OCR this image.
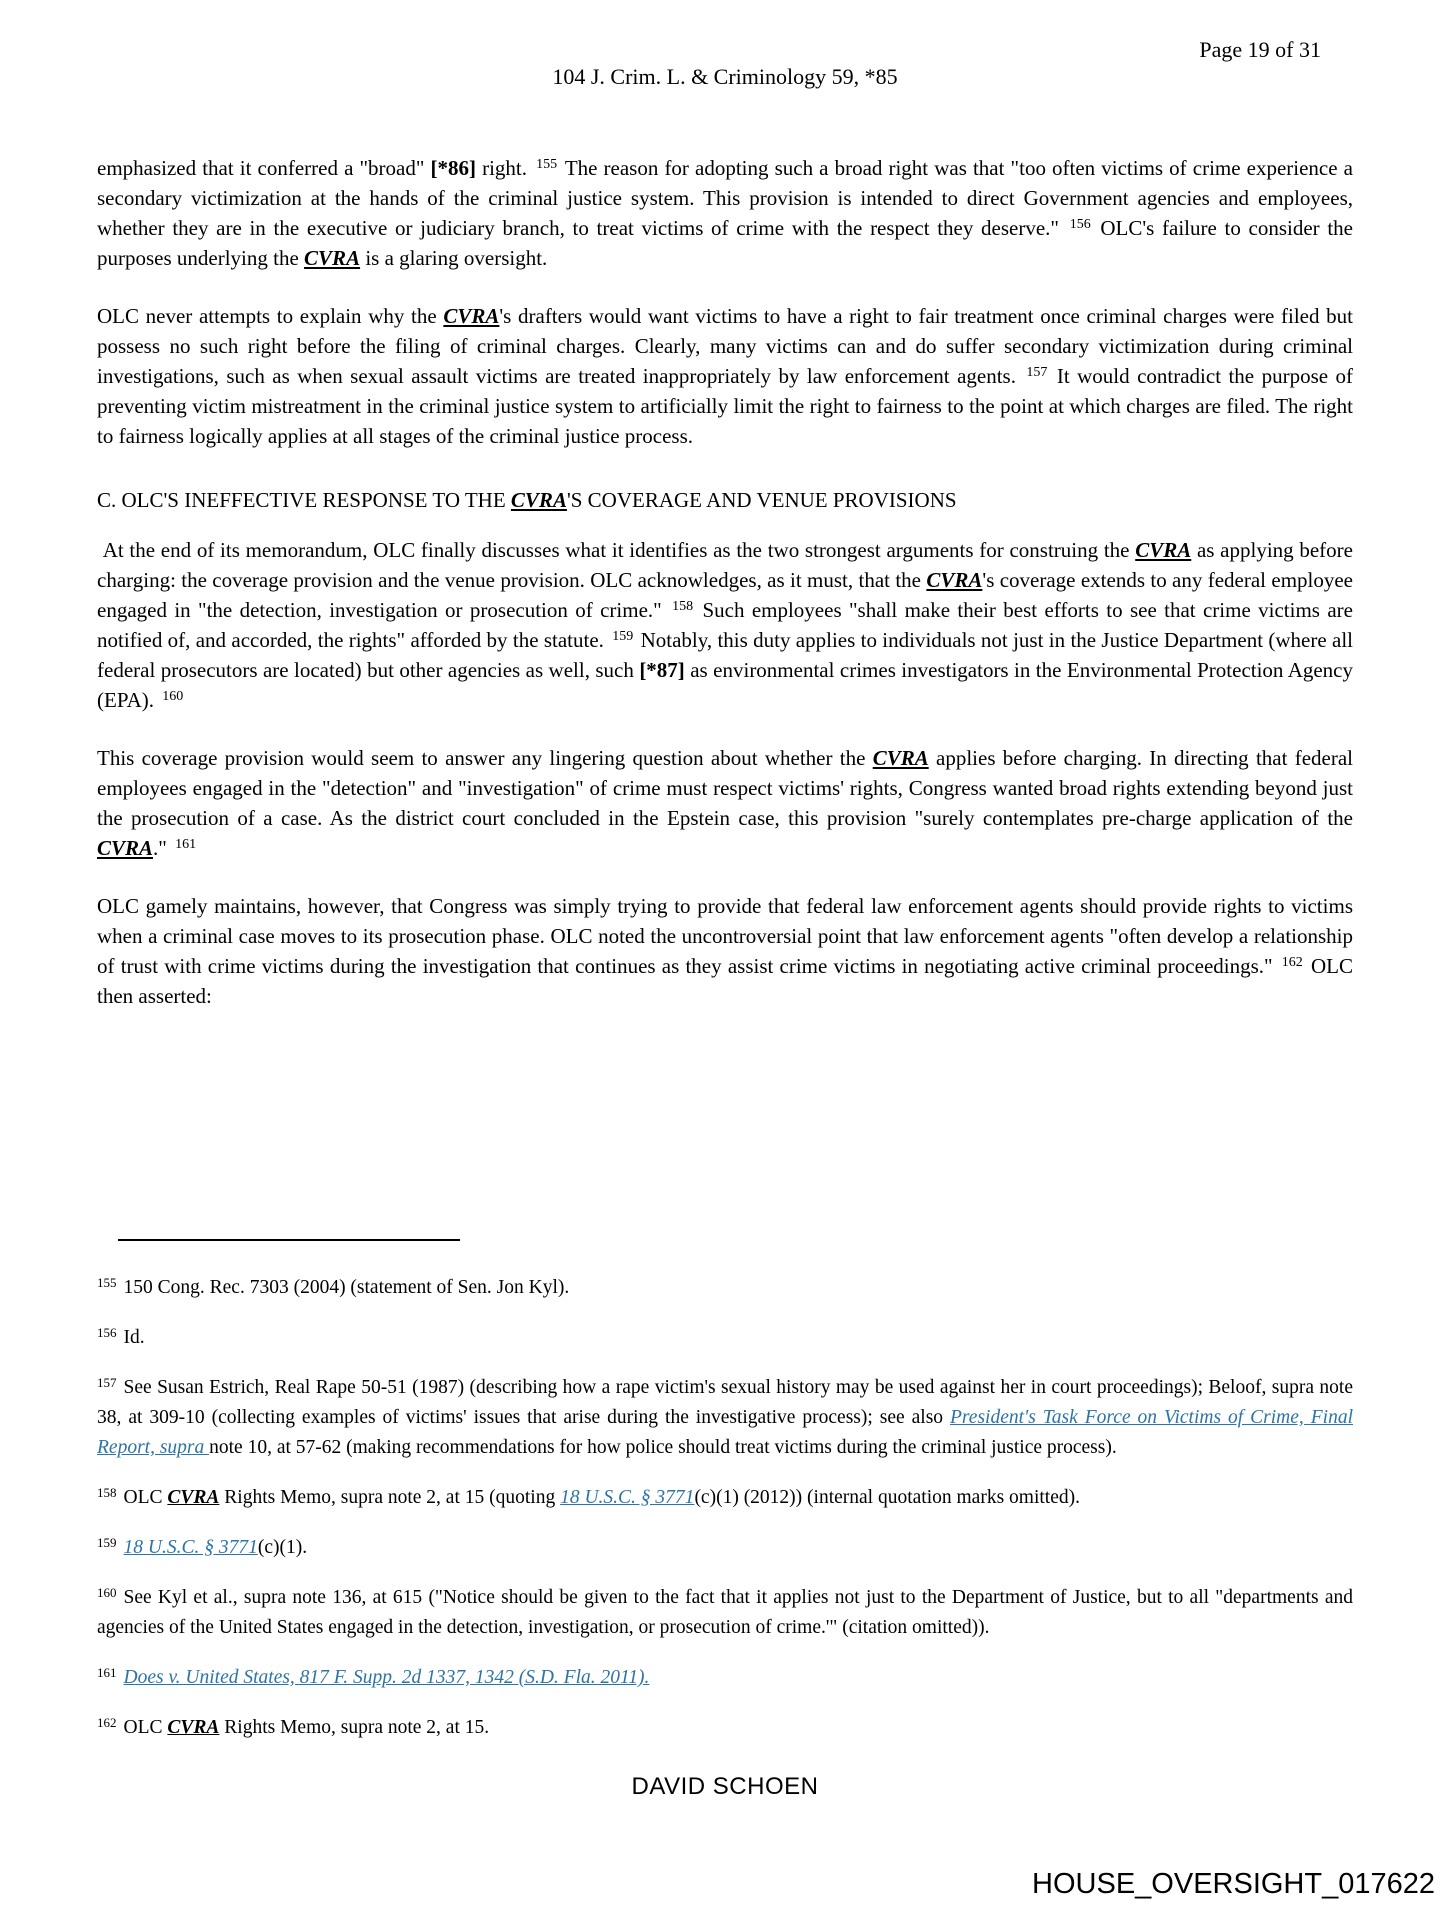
Page 19 of 31
104 J. Crim. L. & Criminology 59, *85

emphasized that it conferred a "broad" [*86] right. $^{155}$ The reason for adopting such a broad right was that "too often victims of crime experience a secondary victimization at the hands of the criminal justice system. This provision is intended to direct Government agencies and employees, whether they are in the executive or judiciary branch, to treat victims of crime with the respect they deserve." $^{156}$ OLC's failure to consider the purposes underlying the CVRA is a glaring oversight.

OLC never attempts to explain why the CVRA's drafters would want victims to have a right to fair treatment once criminal charges were filed but possess no such right before the filing of criminal charges. Clearly, many victims can and do suffer secondary victimization during criminal investigations, such as when sexual assault victims are treated inappropriately by law enforcement agents. $^{157}$ It would contradict the purpose of preventing victim mistreatment in the criminal justice system to artificially limit the right to fairness to the point at which charges are filed. The right to fairness logically applies at all stages of the criminal justice process.

C. OLC'S INEFFECTIVE RESPONSE TO THE CVRA'S COVERAGE AND VENUE PROVISIONS

At the end of its memorandum, OLC finally discusses what it identifies as the two strongest arguments for construing the CVRA as applying before charging: the coverage provision and the venue provision. OLC acknowledges, as it must, that the CVRA's coverage extends to any federal employee engaged in "the detection, investigation or prosecution of crime." $^{158}$ Such employees "shall make their best efforts to see that crime victims are notified of, and accorded, the rights" afforded by the statute. $^{159}$ Notably, this duty applies to individuals not just in the Justice Department (where all federal prosecutors are located) but other agencies as well, such [*87] as environmental crimes investigators in the Environmental Protection Agency (EPA). $^{160}$

This coverage provision would seem to answer any lingering question about whether the CVRA applies before charging. In directing that federal employees engaged in the "detection" and "investigation" of crime must respect victims' rights, Congress wanted broad rights extending beyond just the prosecution of a case. As the district court concluded in the Epstein case, this provision "surely contemplates pre-charge application of the CVRA." $^{161}$

OLC gamely maintains, however, that Congress was simply trying to provide that federal law enforcement agents should provide rights to victims when a criminal case moves to its prosecution phase. OLC noted the uncontroversial point that law enforcement agents "often develop a relationship of trust with crime victims during the investigation that continues as they assist crime victims in negotiating active criminal proceedings." $^{162}$ OLC then asserted:

$^{155}$ 150 Cong. Rec. 7303 (2004) (statement of Sen. Jon Kyl).
$^{156}$ Id.
$^{157}$ See Susan Estrich, Real Rape 50-51 (1987) (describing how a rape victim's sexual history may be used against her in court proceedings); Beloof, supra note 38, at 309-10 (collecting examples of victims' issues that arise during the investigative process); see also President's Task Force on Victims of Crime, Final Report, supra note 10, at 57-62 (making recommendations for how police should treat victims during the criminal justice process).
$^{158}$ OLC CVRA Rights Memo, supra note 2, at 15 (quoting 18 U.S.C. § 3771(c)(1) (2012)) (internal quotation marks omitted).
$^{159}$ 18 U.S.C. § 3771(c)(1).
$^{160}$ See Kyl et al., supra note 136, at 615 ("Notice should be given to the fact that it applies not just to the Department of Justice, but to all "departments and agencies of the United States engaged in the detection, investigation, or prosecution of crime.'" (citation omitted)).
$^{161}$ Does v. United States, 817 F. Supp. 2d 1337, 1342 (S.D. Fla. 2011).
$^{162}$ OLC CVRA Rights Memo, supra note 2, at 15.
DAVID SCHOEN
HOUSE_OVERSIGHT_017622
